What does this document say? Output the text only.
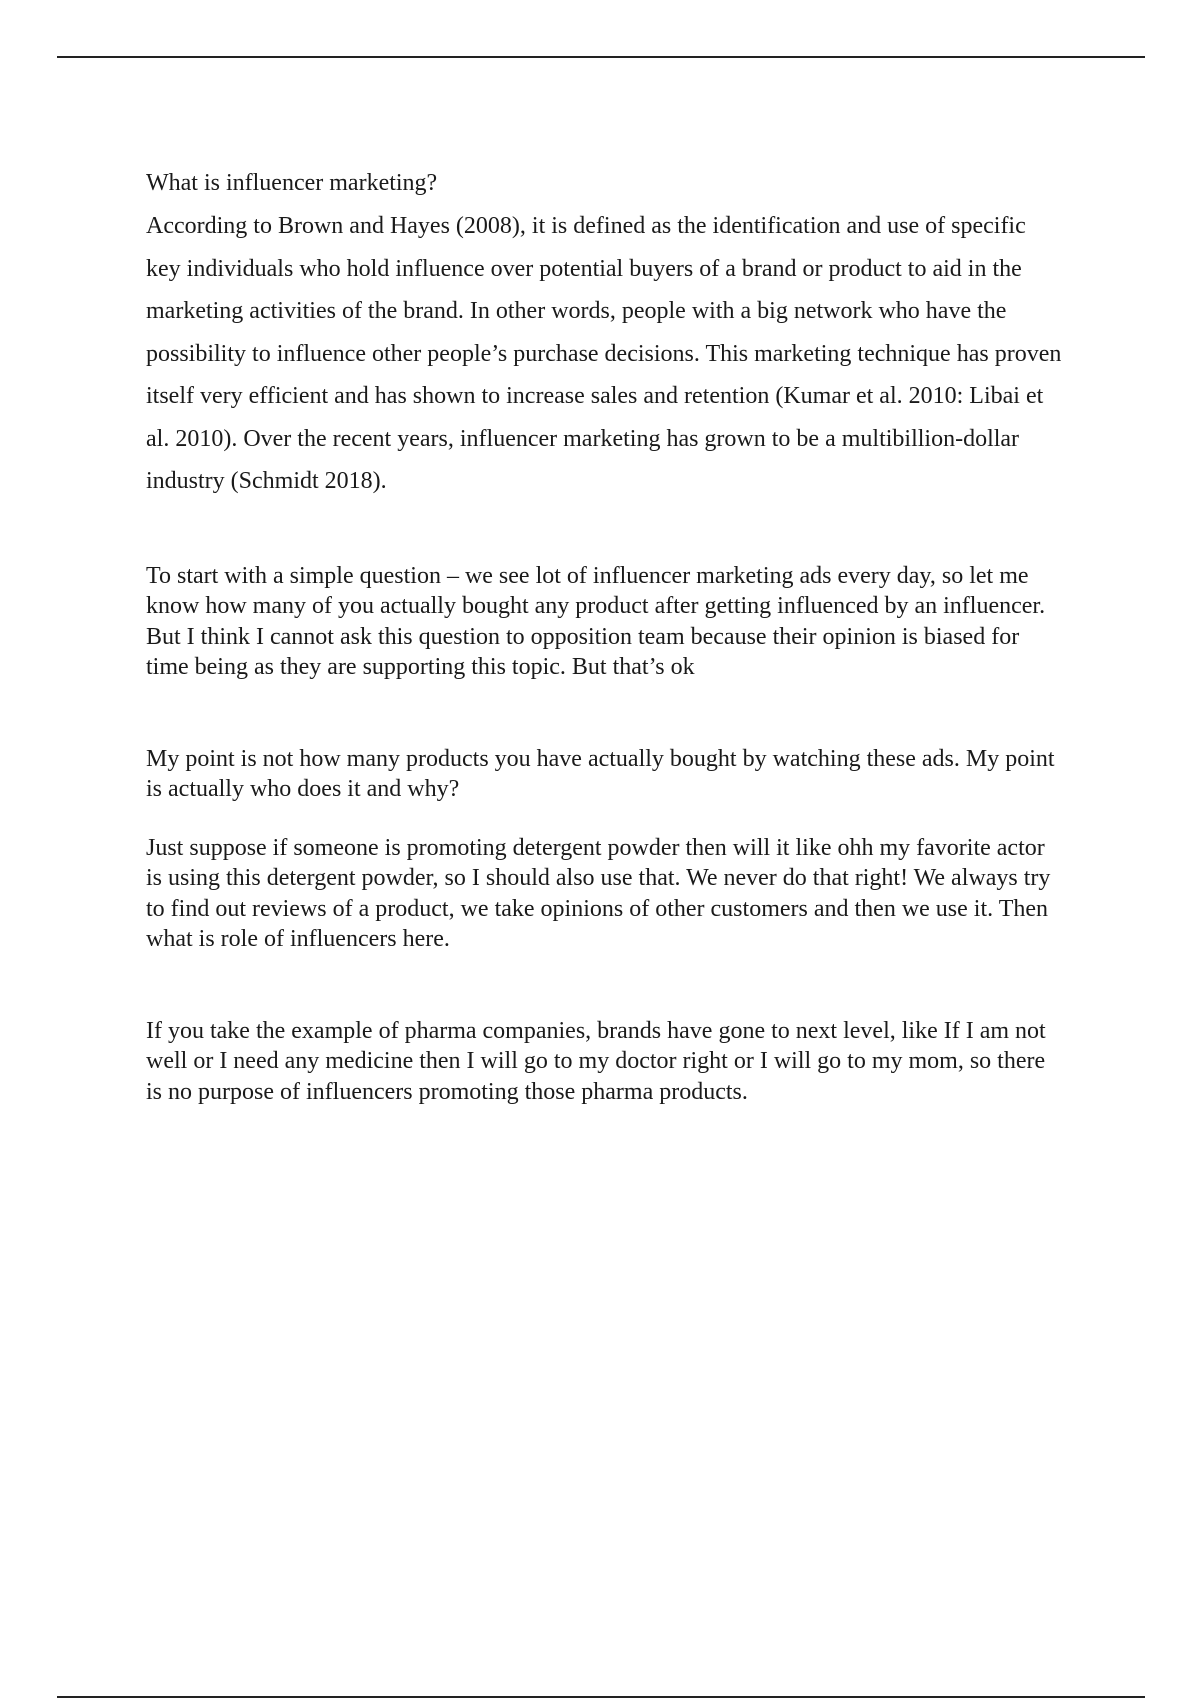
What is influencer marketing?

According to Brown and Hayes (2008), it is defined as the identification and use of specific key individuals who hold influence over potential buyers of a brand or product to aid in the marketing activities of the brand. In other words, people with a big network who have the possibility to influence other people’s purchase decisions. This marketing technique has proven itself very efficient and has shown to increase sales and retention (Kumar et al. 2010: Libai et al. 2010). Over the recent years, influencer marketing has grown to be a multibillion-dollar industry (Schmidt 2018).

To start with a simple question – we see lot of influencer marketing ads every day, so let me know how many of you actually bought any product after getting influenced by an influencer. But I think I cannot ask this question to opposition team because their opinion is biased for time being as they are supporting this topic. But that’s ok

My point is not how many products you have actually bought by watching these ads. My point is actually who does it and why?

Just suppose if someone is promoting detergent powder then will it like ohh my favorite actor is using this detergent powder, so I should also use that. We never do that right! We always try to find out reviews of a product, we take opinions of other customers and then we use it. Then what is role of influencers here.

If you take the example of pharma companies, brands have gone to next level, like If I am not well or I need any medicine then I will go to my doctor right or I will go to my mom, so there is no purpose of influencers promoting those pharma products.
